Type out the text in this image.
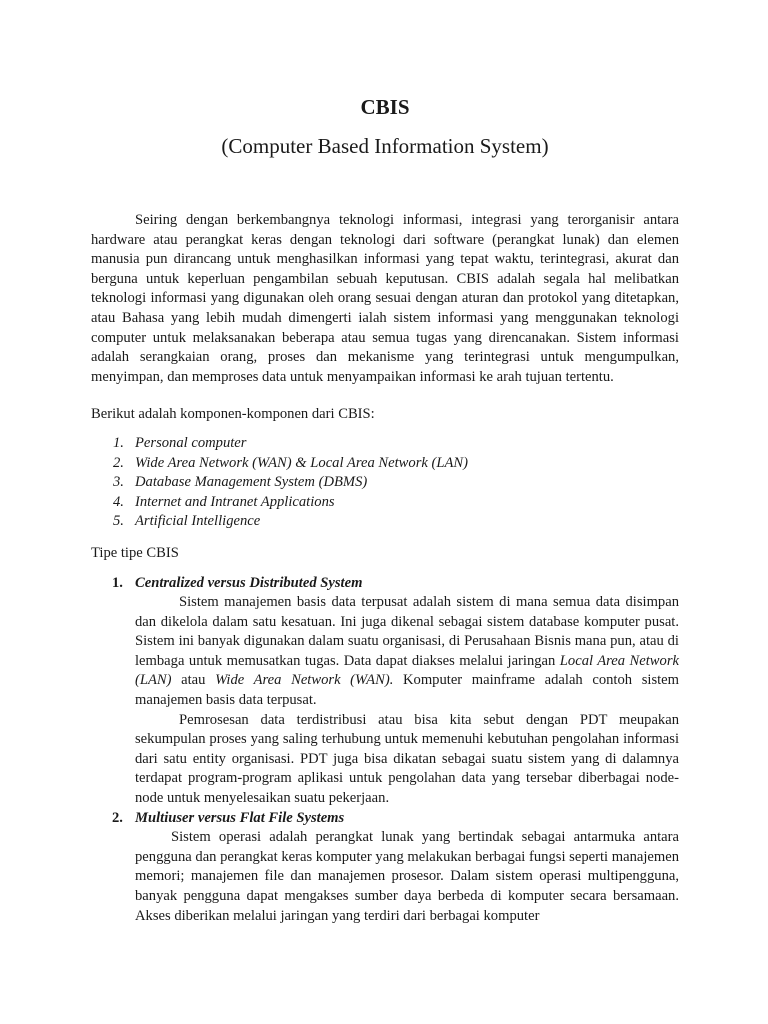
CBIS
(Computer Based Information System)

Seiring dengan berkembangnya teknologi informasi, integrasi yang terorganisir antara hardware atau perangkat keras dengan teknologi dari software (perangkat lunak) dan elemen manusia pun dirancang untuk menghasilkan informasi yang tepat waktu, terintegrasi, akurat dan berguna untuk keperluan pengambilan sebuah keputusan. CBIS adalah segala hal melibatkan teknologi informasi yang digunakan oleh orang sesuai dengan aturan dan protokol yang ditetapkan, atau Bahasa yang lebih mudah dimengerti ialah sistem informasi yang menggunakan teknologi computer untuk melaksanakan beberapa atau semua tugas yang direncanakan. Sistem informasi adalah serangkaian orang, proses dan mekanisme yang terintegrasi untuk mengumpulkan, menyimpan, dan memproses data untuk menyampaikan informasi ke arah tujuan tertentu.

Berikut adalah komponen-komponen dari CBIS:

1. Personal computer
2. Wide Area Network (WAN) & Local Area Network (LAN)
3. Database Management System (DBMS)
4. Internet and Intranet Applications
5. Artificial Intelligence

Tipe tipe CBIS

1. Centralized versus Distributed System

Sistem manajemen basis data terpusat adalah sistem di mana semua data disimpan dan dikelola dalam satu kesatuan. Ini juga dikenal sebagai sistem database komputer pusat. Sistem ini banyak digunakan dalam suatu organisasi, di Perusahaan Bisnis mana pun, atau di lembaga untuk memusatkan tugas. Data dapat diakses melalui jaringan Local Area Network (LAN) atau Wide Area Network (WAN). Komputer mainframe adalah contoh sistem manajemen basis data terpusat.

Pemrosesan data terdistribusi atau bisa kita sebut dengan PDT meupakan sekumpulan proses yang saling terhubung untuk memenuhi kebutuhan pengolahan informasi dari satu entity organisasi. PDT juga bisa dikatan sebagai suatu sistem yang di dalamnya terdapat program-program aplikasi untuk pengolahan data yang tersebar diberbagai node-node untuk menyelesaikan suatu pekerjaan.

2. Multiuser versus Flat File Systems

Sistem operasi adalah perangkat lunak yang bertindak sebagai antarmuka antara pengguna dan perangkat keras komputer yang melakukan berbagai fungsi seperti manajemen memori; manajemen file dan manajemen prosesor. Dalam sistem operasi multipengguna, banyak pengguna dapat mengakses sumber daya berbeda di komputer secara bersamaan. Akses diberikan melalui jaringan yang terdiri dari berbagai komputer
